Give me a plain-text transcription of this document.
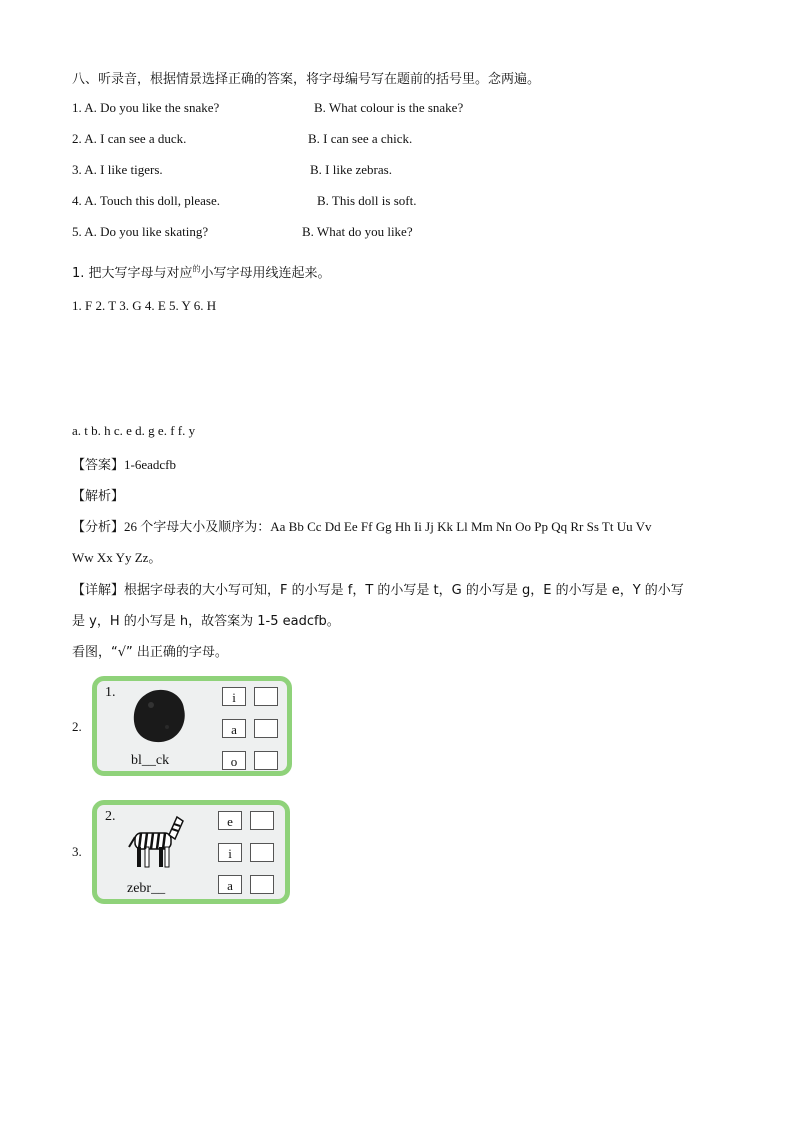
八、听录音，根据情景选择正确的答案，将字母编号写在题前的括号里。念两遍。
1. A. Do you like the snake?	B. What colour is the snake?
2. A. I can see a duck.	B. I can see a chick.
3. A. I like tigers.	B. I like zebras.
4. A. Touch this doll, please.	B. This doll is soft.
5. A. Do you like skating?	B. What do you like?
1. 把大写字母与对应$^的$小写字母用线连起来。
1. F 2. T 3. G 4. E 5. Y 6. H
a. t b. h c. e d. g e. f f. y
【答案】1-6eadcfb
【解析】
【分析】26 个字母大小及顺序为：Aa Bb Cc Dd Ee Ff Gg Hh Ii Jj Kk Ll Mm Nn Oo Pp Qq Rr Ss Tt Uu Vv
Ww Xx Yy Zz。
【详解】根据字母表的大小写可知，F 的小写是 f，T 的小写是 t，G 的小写是 g，E 的小写是 e，Y 的小写
是 y，H 的小写是 h，故答案为 1-5 eadcfb。
看图，“√” 出正确的字母。
2.
1.
bl__ck
i
a
o
3.
2.
zebr__
e
i
a
